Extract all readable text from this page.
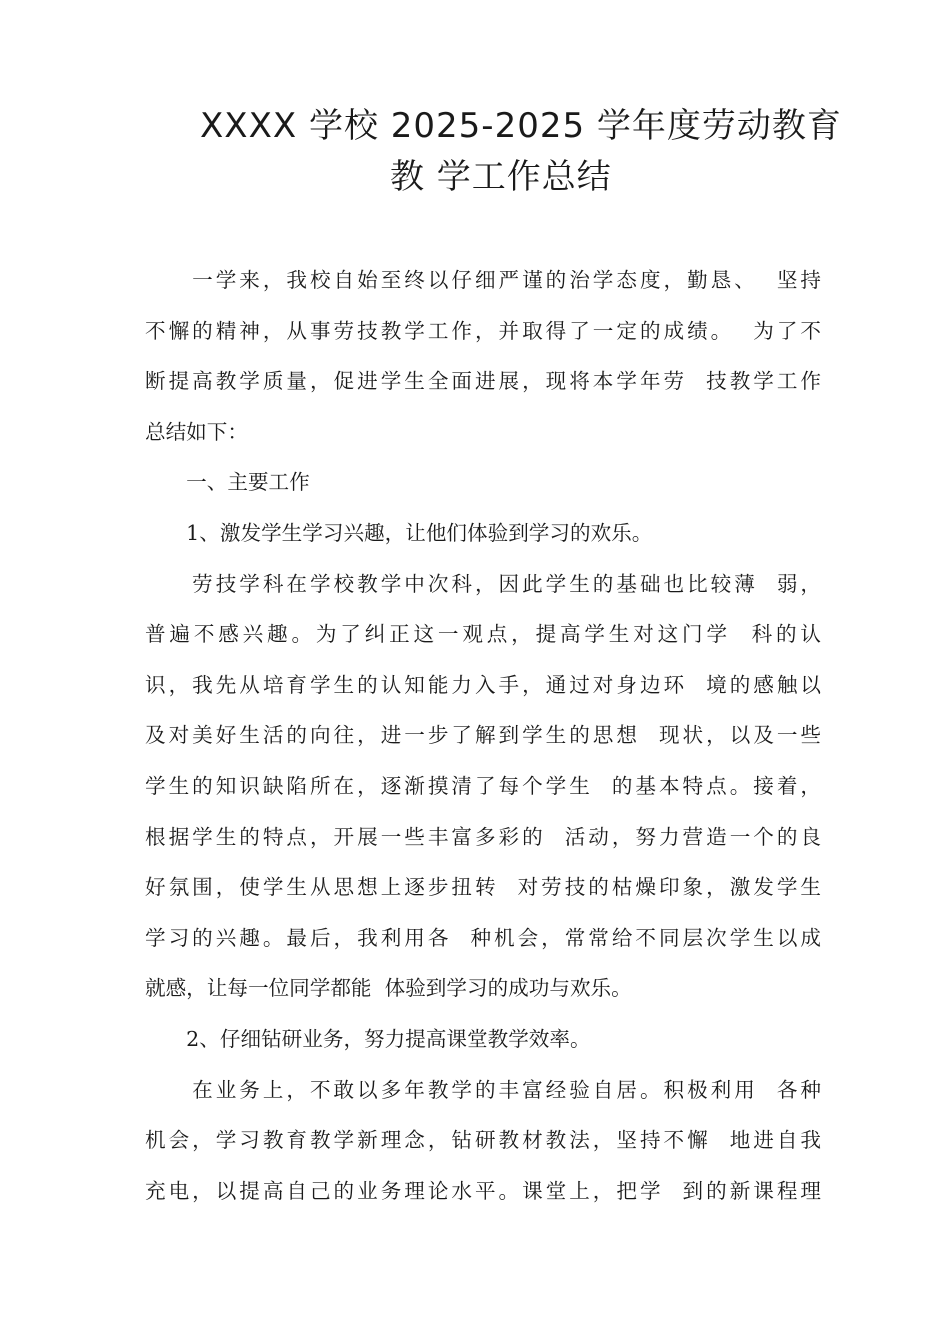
XXXX 学校 2025-2025 学年度劳动教育
教 学工作总结
　　一学来，我校自始至终以仔细严谨的治学态度，勤恳、  坚持
不懈的精神，从事劳技教学工作，并取得了一定的成绩。  为了不
断提高教学质量，促进学生全面进展，现将本学年劳  技教学工作
总结如下：
　　一、主要工作
　　1、激发学生学习兴趣，让他们体验到学习的欢乐。
　　劳技学科在学校教学中次科，因此学生的基础也比较薄  弱，
普遍不感兴趣。为了纠正这一观点，提高学生对这门学  科的认
识，我先从培育学生的认知能力入手，通过对身边环  境的感触以
及对美好生活的向往，进一步了解到学生的思想  现状，以及一些
学生的知识缺陷所在，逐渐摸清了每个学生  的基本特点。接着，
根据学生的特点，开展一些丰富多彩的  活动，努力营造一个的良
好氛围，使学生从思想上逐步扭转  对劳技的枯燥印象，激发学生
学习的兴趣。最后，我利用各  种机会，常常给不同层次学生以成
就感，让每一位同学都能  体验到学习的成功与欢乐。
　　2、仔细钻研业务，努力提高课堂教学效率。
　　在业务上，不敢以多年教学的丰富经验自居。积极利用  各种
机会，学习教育教学新理念，钻研教材教法，坚持不懈  地进自我
充电，以提高自己的业务理论水平。课堂上，把学  到的新课程理
